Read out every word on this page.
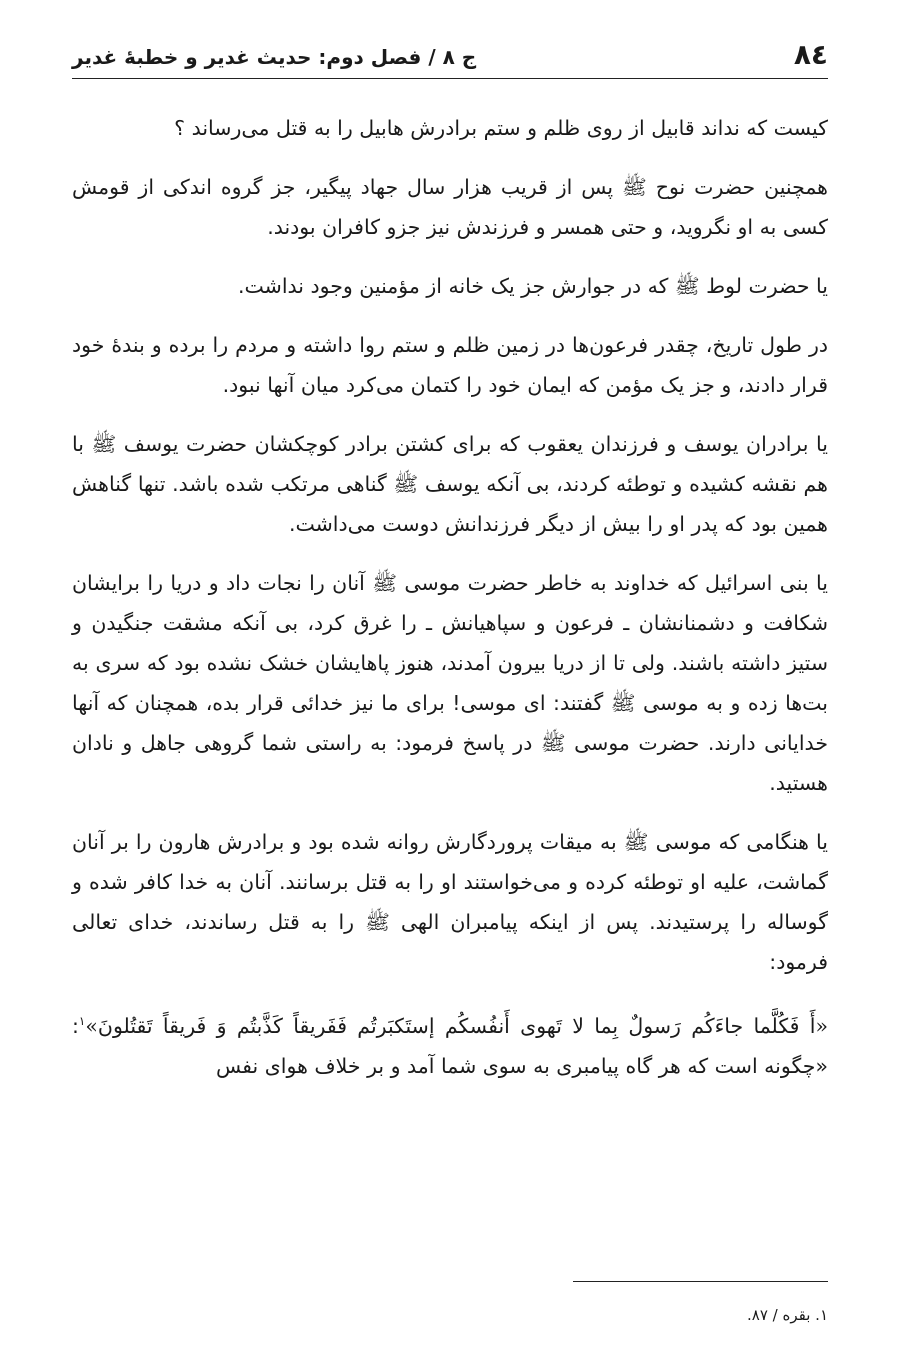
۸٤
ج ۸ / فصل دوم: حدیث غدیر و خطبهٔ غدیر

کیست که نداند قابیل از روی ظلم و ستم برادرش هابیل را به قتل می‌رساند ؟

همچنین حضرت نوح ﷺ پس از قریب هزار سال جهاد پیگیر، جز گروه اندکی از قومش کسی به او نگروید، و حتی همسر و فرزندش نیز جزو کافران بودند.

یا حضرت لوط ﷺ که در جوارش جز یک خانه از مؤمنین وجود نداشت.

در طول تاریخ، چقدر فرعون‌ها در زمین ظلم و ستم روا داشته و مردم را برده و بندهٔ خود قرار دادند، و جز یک مؤمن که ایمان خود را کتمان می‌کرد میان آنها نبود.

یا برادران یوسف و فرزندان یعقوب که برای کشتن برادر کوچکشان حضرت یوسف ﷺ با هم نقشه کشیده و توطئه کردند، بی آنکه یوسف ﷺ گناهی مرتکب شده باشد. تنها گناهش همین بود که پدر او را بیش از دیگر فرزندانش دوست می‌داشت.

یا بنی اسرائیل که خداوند به خاطر حضرت موسی ﷺ آنان را نجات داد و دریا را برایشان شکافت و دشمنانشان ـ فرعون و سپاهیانش ـ را غرق کرد، بی آنکه مشقت جنگیدن و ستیز داشته باشند. ولی تا از دریا بیرون آمدند، هنوز پاهایشان خشک نشده بود که سری به بت‌ها زده و به موسی ﷺ گفتند: ای موسی! برای ما نیز خدائی قرار بده، همچنان که آنها خدایانی دارند. حضرت موسی ﷺ در پاسخ فرمود: به راستی شما گروهی جاهل و نادان هستید.

یا هنگامی که موسی ﷺ به میقات پروردگارش روانه شده بود و برادرش هارون را بر آنان گماشت، علیه او توطئه کرده و می‌خواستند او را به قتل برسانند. آنان به خدا کافر شده و گوساله را پرستیدند. پس از اینکه پیامبران الهی ﷺ را به قتل رساندند، خدای تعالی فرمود:

«أَ فَكُلَّما جاءَكُم رَسولٌ بِما لا تَهوى أَنفُسكُم إستَكبَرتُم فَفَريقاً كَذَّبتُم وَ فَريقاً تَقتُلونَ»$^۱$: «چگونه است که هر گاه پیامبری به سوی شما آمد و بر خلاف هوای نفس

۱. بقره / ۸۷.
